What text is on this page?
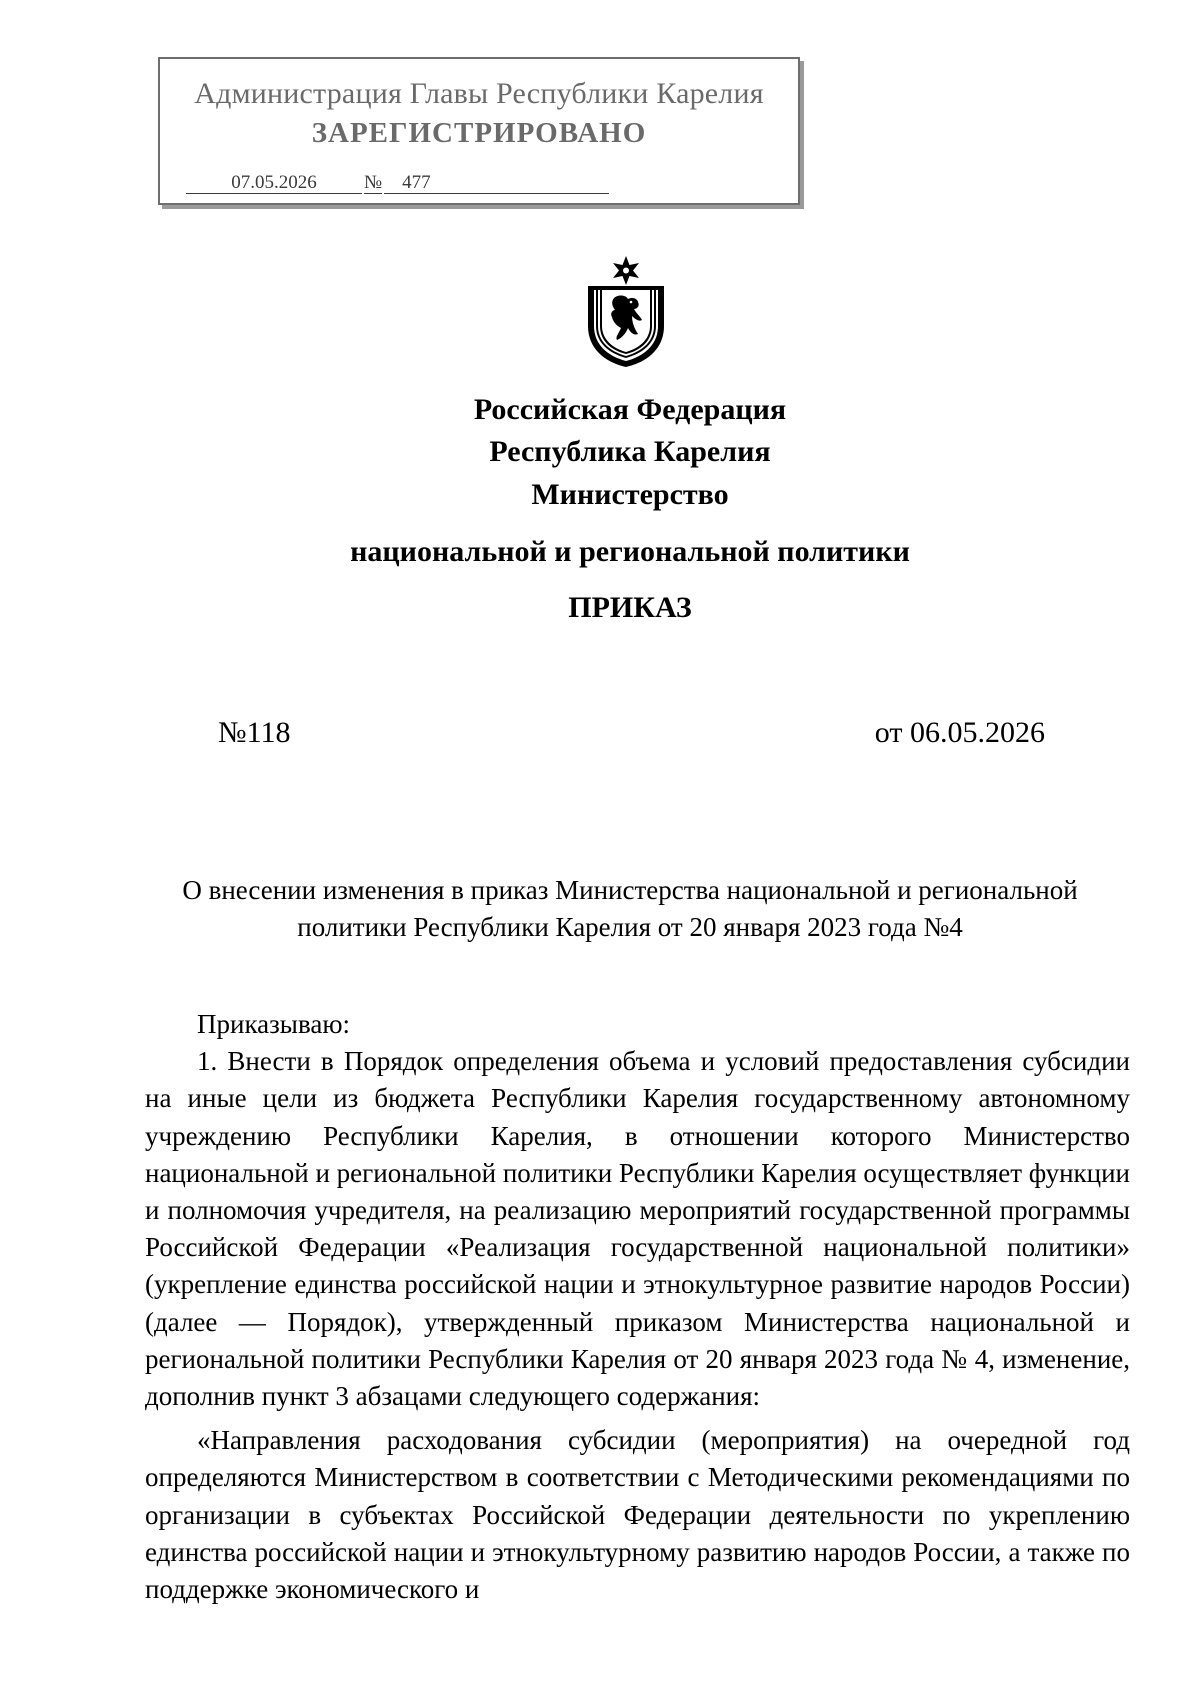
Администрация Главы Республики Карелия
ЗАРЕГИСТРИРОВАНО
07.05.2026 № 477
Российская Федерация
Республика Карелия
Министерство
национальной и региональной политики
ПРИКАЗ
№118	от 06.05.2026
О внесении изменения в приказ Министерства национальной и региональной политики Республики Карелия от 20 января 2023 года №4

Приказываю:

1. Внести в Порядок определения объема и условий предоставления субсидии на иные цели из бюджета Республики Карелия государственному автономному учреждению Республики Карелия, в отношении которого Министерство национальной и региональной политики Республики Карелия осуществляет функции и полномочия учредителя, на реализацию мероприятий государственной программы Российской Федерации «Реализация государственной национальной политики» (укрепление единства российской нации и этнокультурное развитие народов России) (далее — Порядок), утвержденный приказом Министерства национальной и региональной политики Республики Карелия от 20 января 2023 года № 4, изменение, дополнив пункт 3 абзацами следующего содержания:

«Направления расходования субсидии (мероприятия) на очередной год определяются Министерством в соответствии с Методическими рекомендациями по организации в субъектах Российской Федерации деятельности по укреплению единства российской нации и этнокультурному развитию народов России, а также по поддержке экономического и
